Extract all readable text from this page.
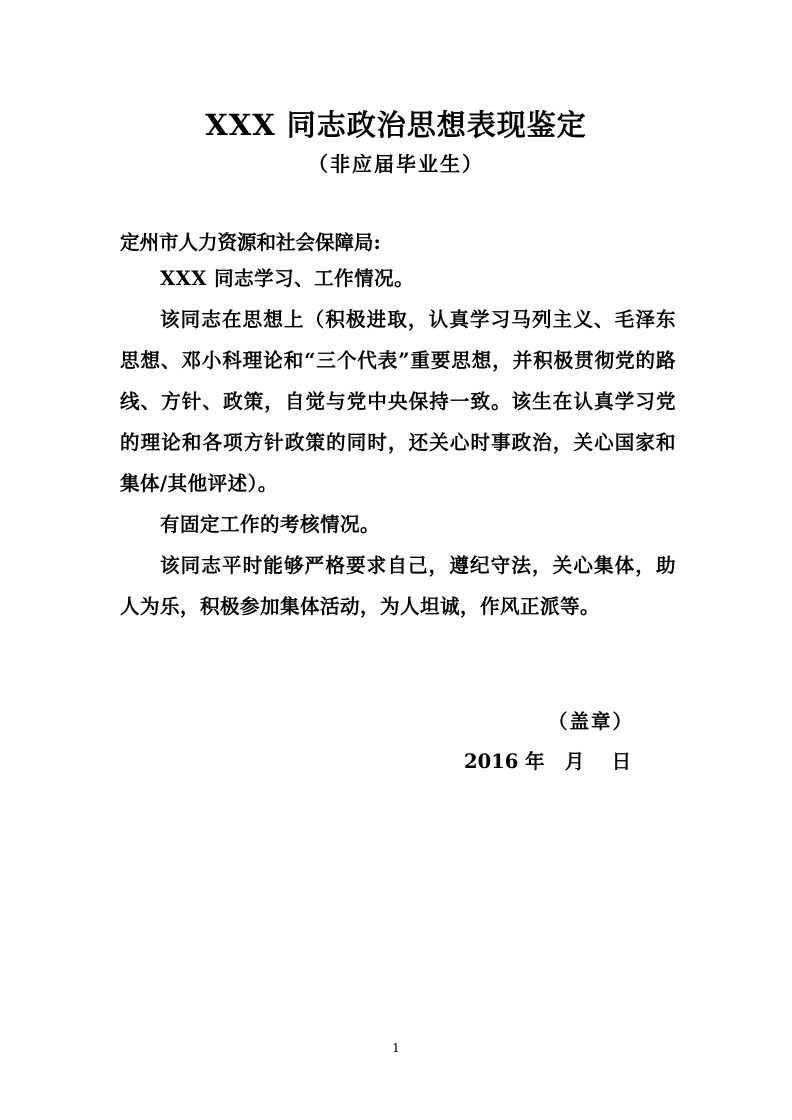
XXX 同志政治思想表现鉴定
（非应届毕业生）
定州市人力资源和社会保障局:

XXX 同志学习、工作情况。

该同志在思想上（积极进取，认真学习马列主义、毛泽东思想、邓小科理论和“三个代表”重要思想，并积极贯彻党的路线、方针、政策，自觉与党中央保持一致。该生在认真学习党的理论和各项方针政策的同时，还关心时事政治，关心国家和集体/其他评述）。

有固定工作的考核情况。

该同志平时能够严格要求自己，遵纪守法，关心集体，助人为乐，积极参加集体活动，为人坦诚，作风正派等。

（盖章）
2016 年   月    日
1
